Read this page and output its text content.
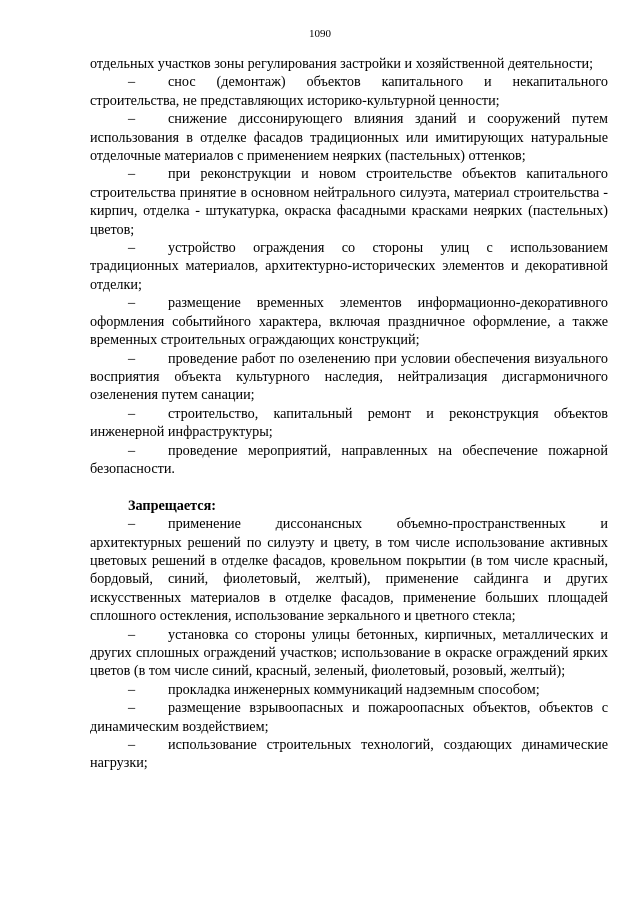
1090

отдельных участков зоны регулирования застройки и хозяйственной деятельности;

– снос (демонтаж) объектов капитального и некапитального строительства, не представляющих историко-культурной ценности;

– снижение диссонирующего влияния зданий и сооружений путем использования в отделке фасадов традиционных или имитирующих натуральные отделочные материалов с применением неярких (пастельных) оттенков;

– при реконструкции и новом строительстве объектов капитального строительства принятие в основном нейтрального силуэта, материал строительства - кирпич, отделка - штукатурка, окраска фасадными красками неярких (пастельных) цветов;

– устройство ограждения со стороны улиц с использованием традиционных материалов, архитектурно-исторических элементов и декоративной отделки;

– размещение временных элементов информационно-декоративного оформления событийного характера, включая праздничное оформление, а также временных строительных ограждающих конструкций;

– проведение работ по озеленению при условии обеспечения визуального восприятия объекта культурного наследия, нейтрализация дисгармоничного озеленения путем санации;

– строительство, капитальный ремонт и реконструкция объектов инженерной инфраструктуры;

– проведение мероприятий, направленных на обеспечение пожарной безопасности.

Запрещается:

– применение диссонансных объемно-пространственных и архитектурных решений по силуэту и цвету, в том числе использование активных цветовых решений в отделке фасадов, кровельном покрытии (в том числе красный, бордовый, синий, фиолетовый, желтый), применение сайдинга и других искусственных материалов в отделке фасадов, применение больших площадей сплошного остекления, использование зеркального и цветного стекла;

– установка со стороны улицы бетонных, кирпичных, металлических и других сплошных ограждений участков; использование в окраске ограждений ярких цветов (в том числе синий, красный, зеленый, фиолетовый, розовый, желтый);

– прокладка инженерных коммуникаций надземным способом;

– размещение взрывоопасных и пожароопасных объектов, объектов с динамическим воздействием;

– использование строительных технологий, создающих динамические нагрузки;
